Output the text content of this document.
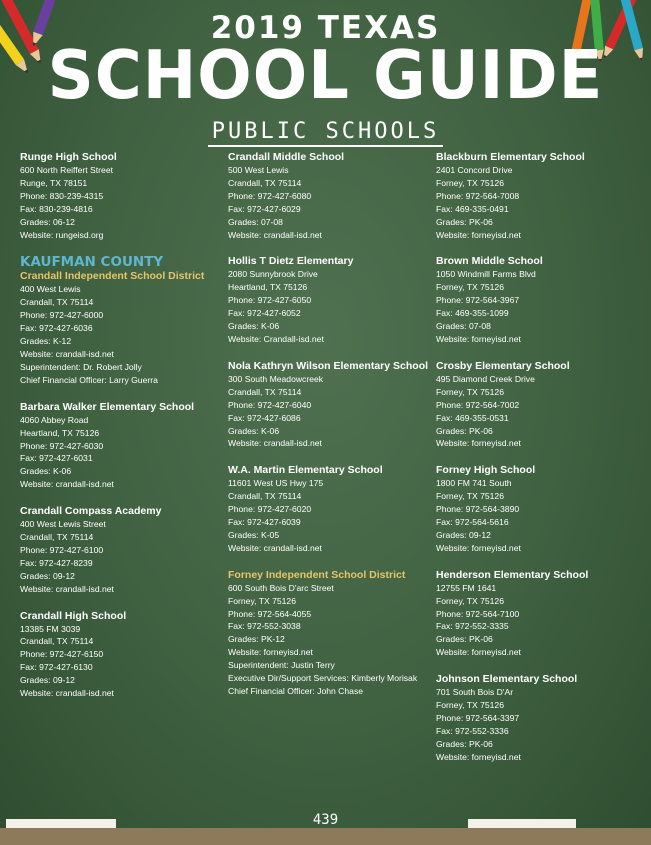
2019 TEXAS
SCHOOL GUIDE
PUBLIC SCHOOLS
Runge High School
600 North Reiffert Street
Runge, TX 78151
Phone: 830-239-4315
Fax: 830-239-4816
Grades: 06-12
Website: rungeisd.org
KAUFMAN COUNTY
Crandall Independent School District
400 West Lewis
Crandall, TX 75114
Phone: 972-427-6000
Fax: 972-427-6036
Grades: K-12
Website: crandall-isd.net
Superintendent: Dr. Robert Jolly
Chief Financial Officer: Larry Guerra
Barbara Walker Elementary School
4060 Abbey Road
Heartland, TX 75126
Phone: 972-427-6030
Fax: 972-427-6031
Grades: K-06
Website: crandall-isd.net
Crandall Compass Academy
400 West Lewis Street
Crandall, TX 75114
Phone: 972-427-6100
Fax: 972-427-8239
Grades: 09-12
Website: crandall-isd.net
Crandall High School
13385 FM 3039
Crandall, TX 75114
Phone: 972-427-6150
Fax: 972-427-6130
Grades: 09-12
Website: crandall-isd.net
Crandall Middle School
500 West Lewis
Crandall, TX 75114
Phone: 972-427-6080
Fax: 972-427-6029
Grades: 07-08
Website: crandall-isd.net
Hollis T Dietz Elementary
2080 Sunnybrook Drive
Heartland, TX 75126
Phone: 972-427-6050
Fax: 972-427-6052
Grades: K-06
Website: Crandall-isd.net
Nola Kathryn Wilson Elementary School
300 South Meadowcreek
Crandall, TX 75114
Phone: 972-427-6040
Fax: 972-427-6086
Grades: K-06
Website: crandall-isd.net
W.A. Martin Elementary School
11601 West US Hwy 175
Crandall, TX 75114
Phone: 972-427-6020
Fax: 972-427-6039
Grades: K-05
Website: crandall-isd.net
Forney Independent School District
600 South Bois D'arc Street
Forney, TX 75126
Phone: 972-564-4055
Fax: 972-552-3038
Grades: PK-12
Website: forneyisd.net
Superintendent: Justin Terry
Executive Dir/Support Services: Kimberly Morisak
Chief Financial Officer: John Chase
Blackburn Elementary School
2401 Concord Drive
Forney, TX 75126
Phone: 972-564-7008
Fax: 469-335-0491
Grades: PK-06
Website: forneyisd.net
Brown Middle School
1050 Windmill Farms Blvd
Forney, TX 75126
Phone: 972-564-3967
Fax: 469-355-1099
Grades: 07-08
Website: forneyisd.net
Crosby Elementary School
495 Diamond Creek Drive
Forney, TX 75126
Phone: 972-564-7002
Fax: 469-355-0531
Grades: PK-06
Website: forneyisd.net
Forney High School
1800 FM 741 South
Forney, TX 75126
Phone: 972-564-3890
Fax: 972-564-5616
Grades: 09-12
Website: forneyisd.net
Henderson Elementary School
12755 FM 1641
Forney, TX 75126
Phone: 972-564-7100
Fax: 972-552-3335
Grades: PK-06
Website: forneyisd.net
Johnson Elementary School
701 South Bois D'Ar
Forney, TX 75126
Phone: 972-564-3397
Fax: 972-552-3336
Grades: PK-06
Website: forneyisd.net
439
